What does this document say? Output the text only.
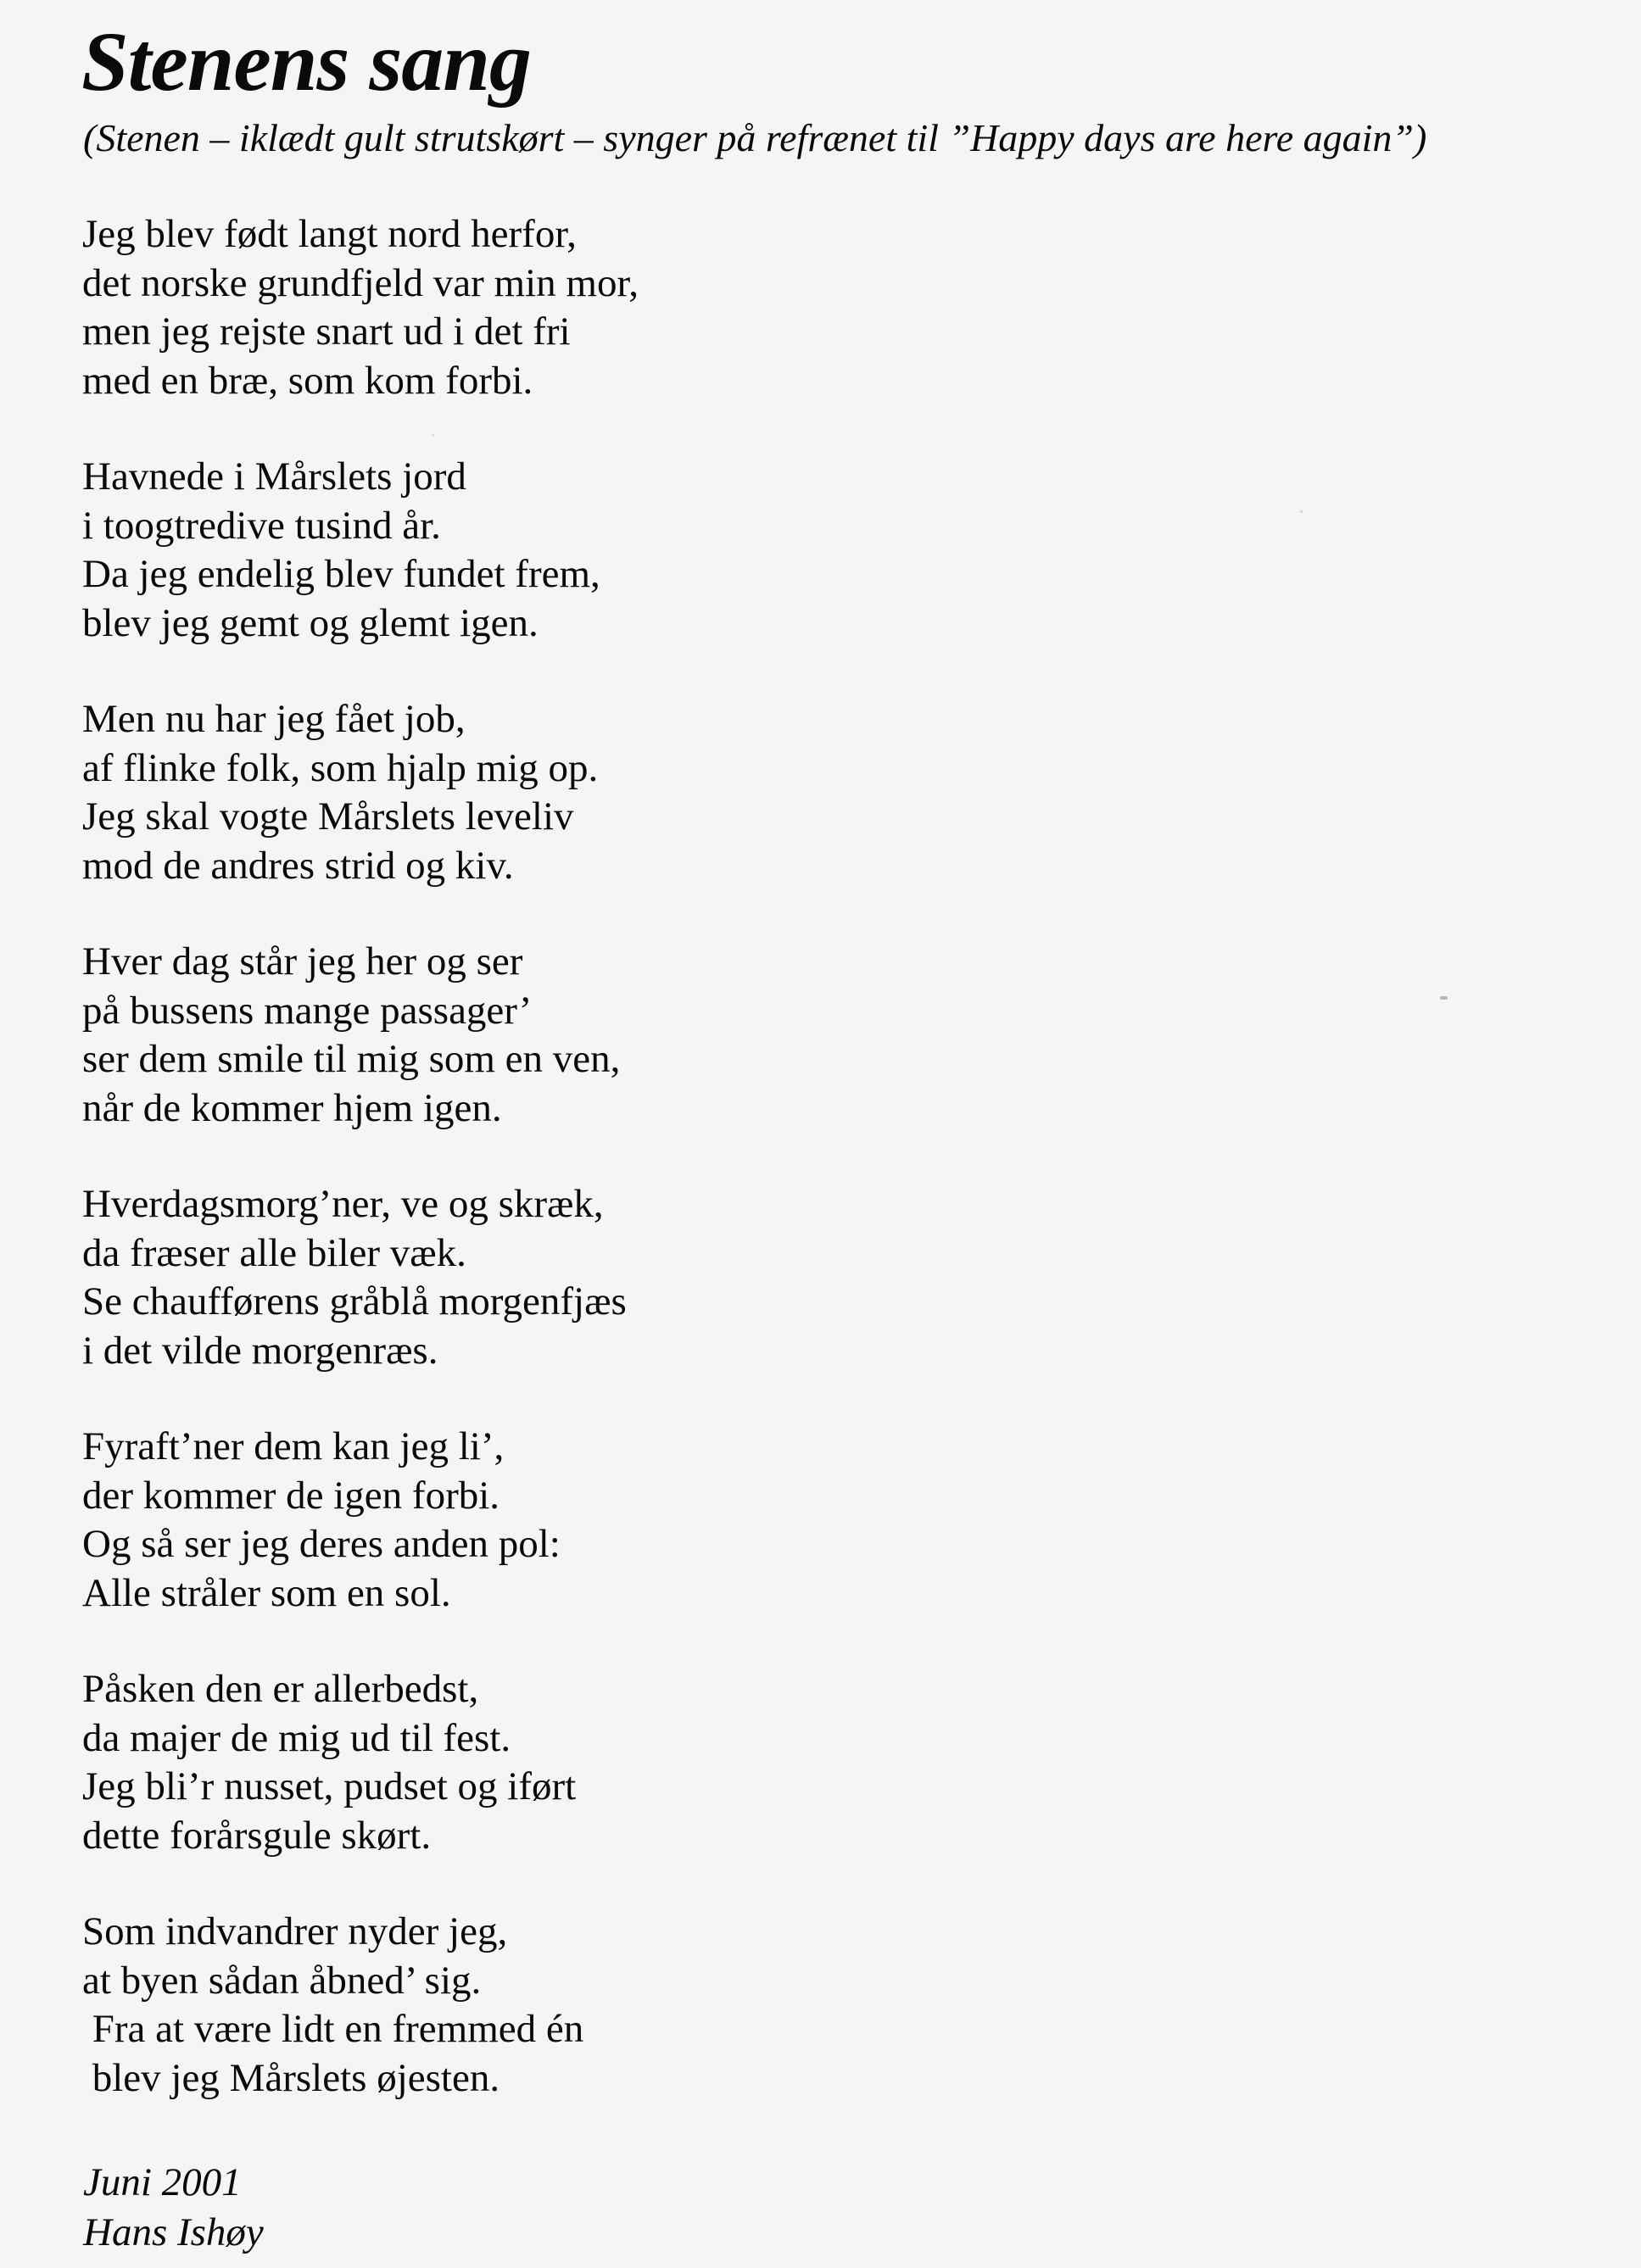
Stenens sang

(Stenen – iklædt gult strutskørt – synger på refrænet til ”Happy days are here again”)

Jeg blev født langt nord herfor,
det norske grundfjeld var min mor,
men jeg rejste snart ud i det fri
med en bræ, som kom forbi.
Havnede i Mårslets jord
i toogtredive tusind år.
Da jeg endelig blev fundet frem,
blev jeg gemt og glemt igen.
Men nu har jeg fået job,
af flinke folk, som hjalp mig op.
Jeg skal vogte Mårslets leveliv
mod de andres strid og kiv.
Hver dag står jeg her og ser
på bussens mange passager’
ser dem smile til mig som en ven,
når de kommer hjem igen.
Hverdagsmorg’ner, ve og skræk,
da fræser alle biler væk.
Se chaufførens gråblå morgenfjæs
i det vilde morgenræs.
Fyraft’ner dem kan jeg li’,
der kommer de igen forbi.
Og så ser jeg deres anden pol:
Alle stråler som en sol.
Påsken den er allerbedst,
da majer de mig ud til fest.
Jeg bli’r nusset, pudset og iført
dette forårsgule skørt.
Som indvandrer nyder jeg,
at byen sådan åbned’ sig.
Fra at være lidt en fremmed én
blev jeg Mårslets øjesten.
Juni 2001
Hans Ishøy
